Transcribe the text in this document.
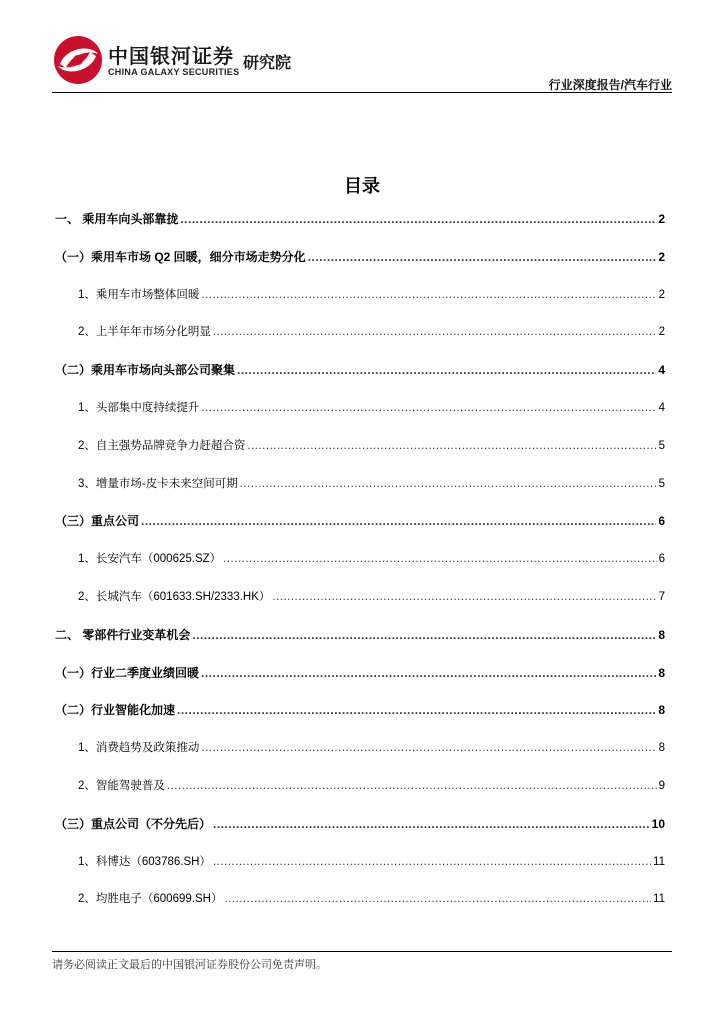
中国银河证券
CHINA GALAXY SECURITIES 研究院
行业深度报告/汽车行业
目录
一、 乘用车向头部靠拢 .....	2
（一）乘用车市场 Q2 回暖，细分市场走势分化 .....	2
1、乘用车市场整体回暖 .....	2
2、上半年年市场分化明显 .....	2
（二）乘用车市场向头部公司聚集 .....	4
1、头部集中度持续提升 .....	4
2、自主强势品牌竞争力赶超合资 .....	5
3、增量市场-皮卡未来空间可期 .....	5
（三）重点公司 .....	6
1、长安汽车（000625.SZ） .....	6
2、长城汽车（601633.SH/2333.HK） .....	7
二、 零部件行业变革机会 .....	8
（一）行业二季度业绩回暖 .....	8
（二）行业智能化加速 .....	8
1、消费趋势及政策推动 .....	8
2、智能驾驶普及 .....	9
（三）重点公司（不分先后） .....	10
1、科博达（603786.SH） .....	11
2、均胜电子（600699.SH） .....	11
请务必阅读正文最后的中国银河证券股份公司免责声明。
